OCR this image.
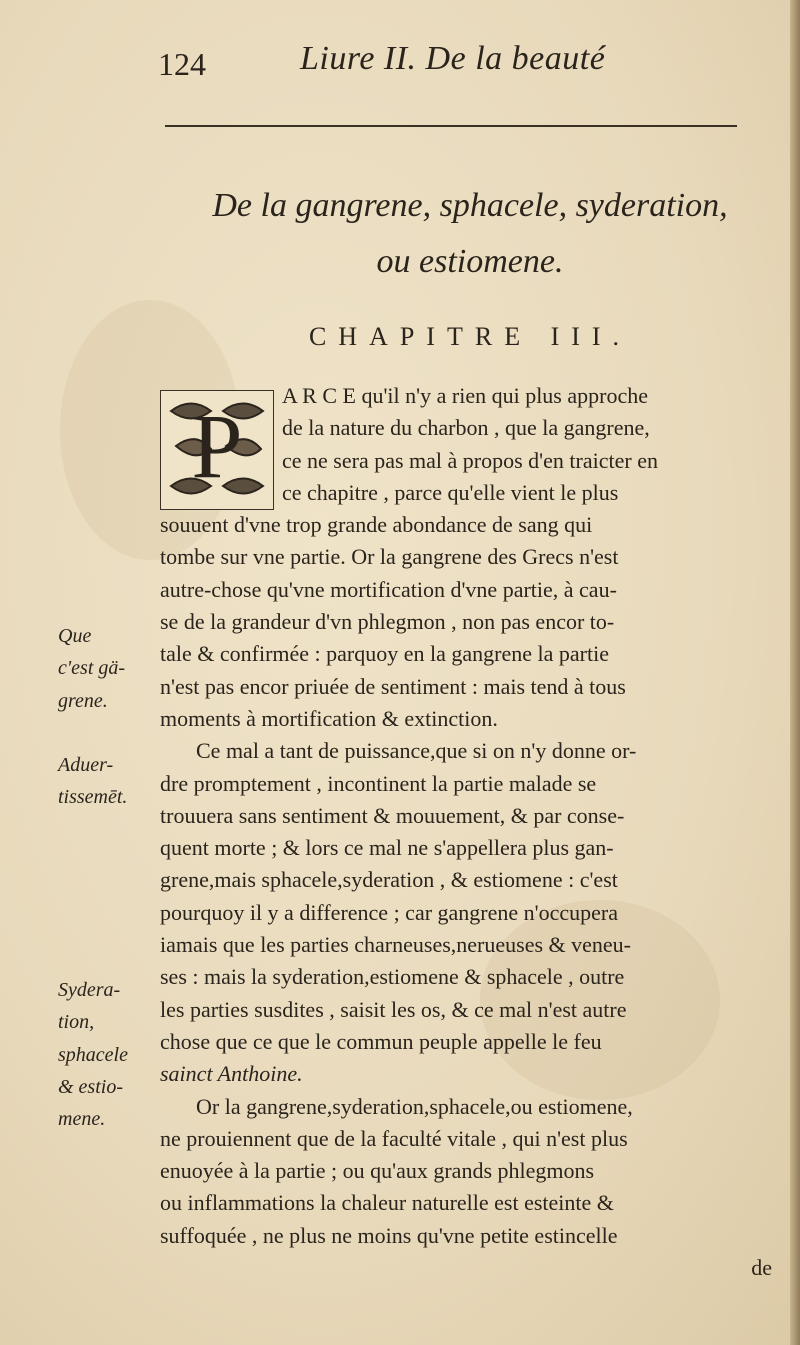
124	Liure II. De la beauté
De la gangrene, sphacele, syderation,
ou estiomene.
CHAPITRE III.
P	A R C E qu'il n'y a rien qui plus approche
de la nature du charbon , que la gangrene,
ce ne sera pas mal à propos d'en traicter en
ce chapitre , parce qu'elle vient le plus
souuent d'vne trop grande abondance de sang qui
tombe sur vne partie. Or la gangrene des Grecs n'est
autre-chose qu'vne mortification d'vne partie, à cau-
se de la grandeur d'vn phlegmon , non pas encor to-
tale & confirmée : parquoy en la gangrene la partie
n'est pas encor priuée de sentiment : mais tend à tous
moments à mortification & extinction.
Ce mal a tant de puissance,que si on n'y donne or-
dre promptement , incontinent la partie malade se
trouuera sans sentiment & mouuement, & par conse-
quent morte ; & lors ce mal ne s'appellera plus gan-
grene,mais sphacele,syderation , & estiomene : c'est
pourquoy il y a difference ; car gangrene n'occupera
iamais que les parties charneuses,nerueuses & veneu-
ses : mais la syderation,estiomene & sphacele , outre
les parties susdites , saisit les os, & ce mal n'est autre
chose que ce que le commun peuple appelle le feu
sainct Anthoine.
Or la gangrene,syderation,sphacele,ou estiomene,
ne prouiennent que de la faculté vitale , qui n'est plus
enuoyée à la partie ; ou qu'aux grands phlegmons
ou inflammations la chaleur naturelle est esteinte &
suffoquée , ne plus ne moins qu'vne petite estincelle
de
Que
c'est gä-
grene.
Aduer-
tissemēt.
Sydera-
tion,
sphacele
& estio-
mene.
